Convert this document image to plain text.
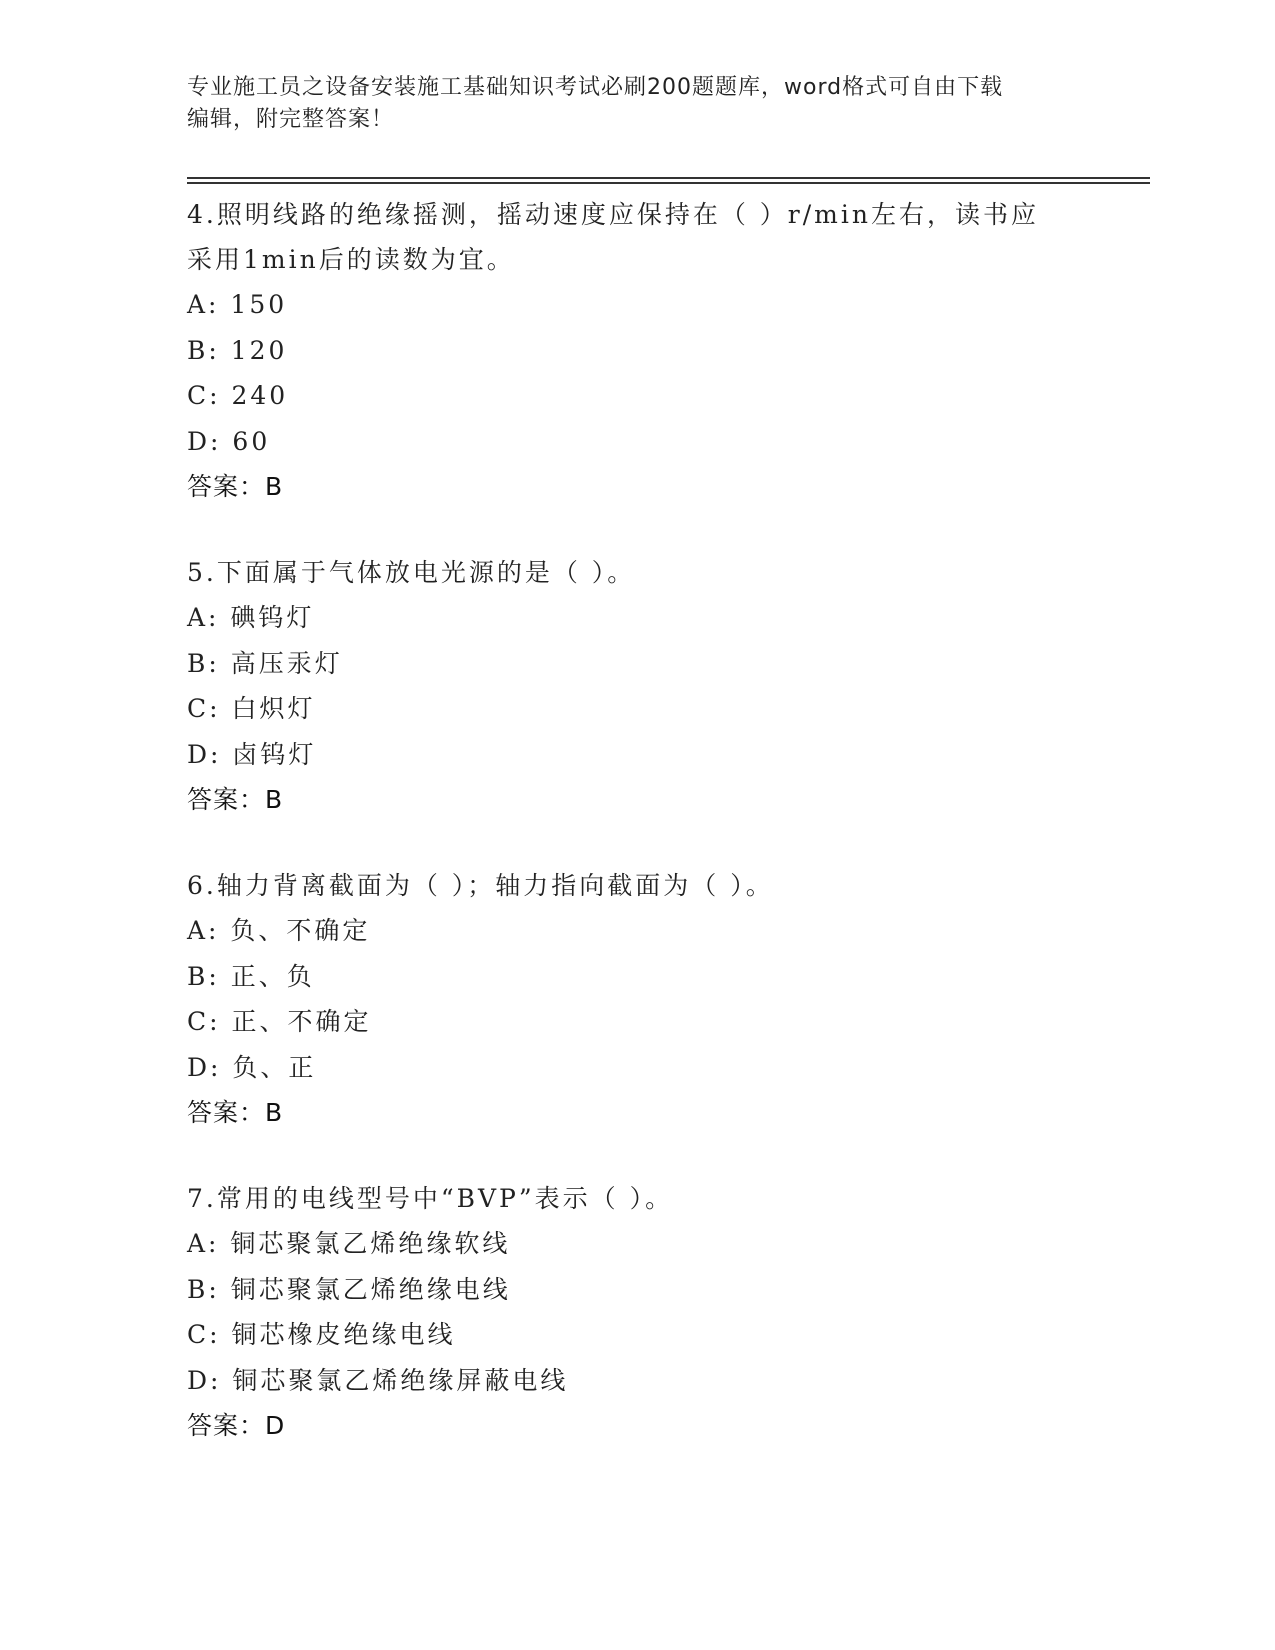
专业施工员之设备安装施工基础知识考试必刷200题题库，word格式可自由下载
编辑，附完整答案！
4.照明线路的绝缘摇测，摇动速度应保持在（ ）r/min左右，读书应
采用1min后的读数为宜。
A: 150
B: 120
C: 240
D: 60
答案：B
5.下面属于气体放电光源的是（ ）。
A: 碘钨灯
B: 高压汞灯
C: 白炽灯
D: 卤钨灯
答案：B
6.轴力背离截面为（ ）；轴力指向截面为（ ）。
A: 负、不确定
B: 正、负
C: 正、不确定
D: 负、正
答案：B
7.常用的电线型号中“BVP”表示（ ）。
A: 铜芯聚氯乙烯绝缘软线
B: 铜芯聚氯乙烯绝缘电线
C: 铜芯橡皮绝缘电线
D: 铜芯聚氯乙烯绝缘屏蔽电线
答案：D
